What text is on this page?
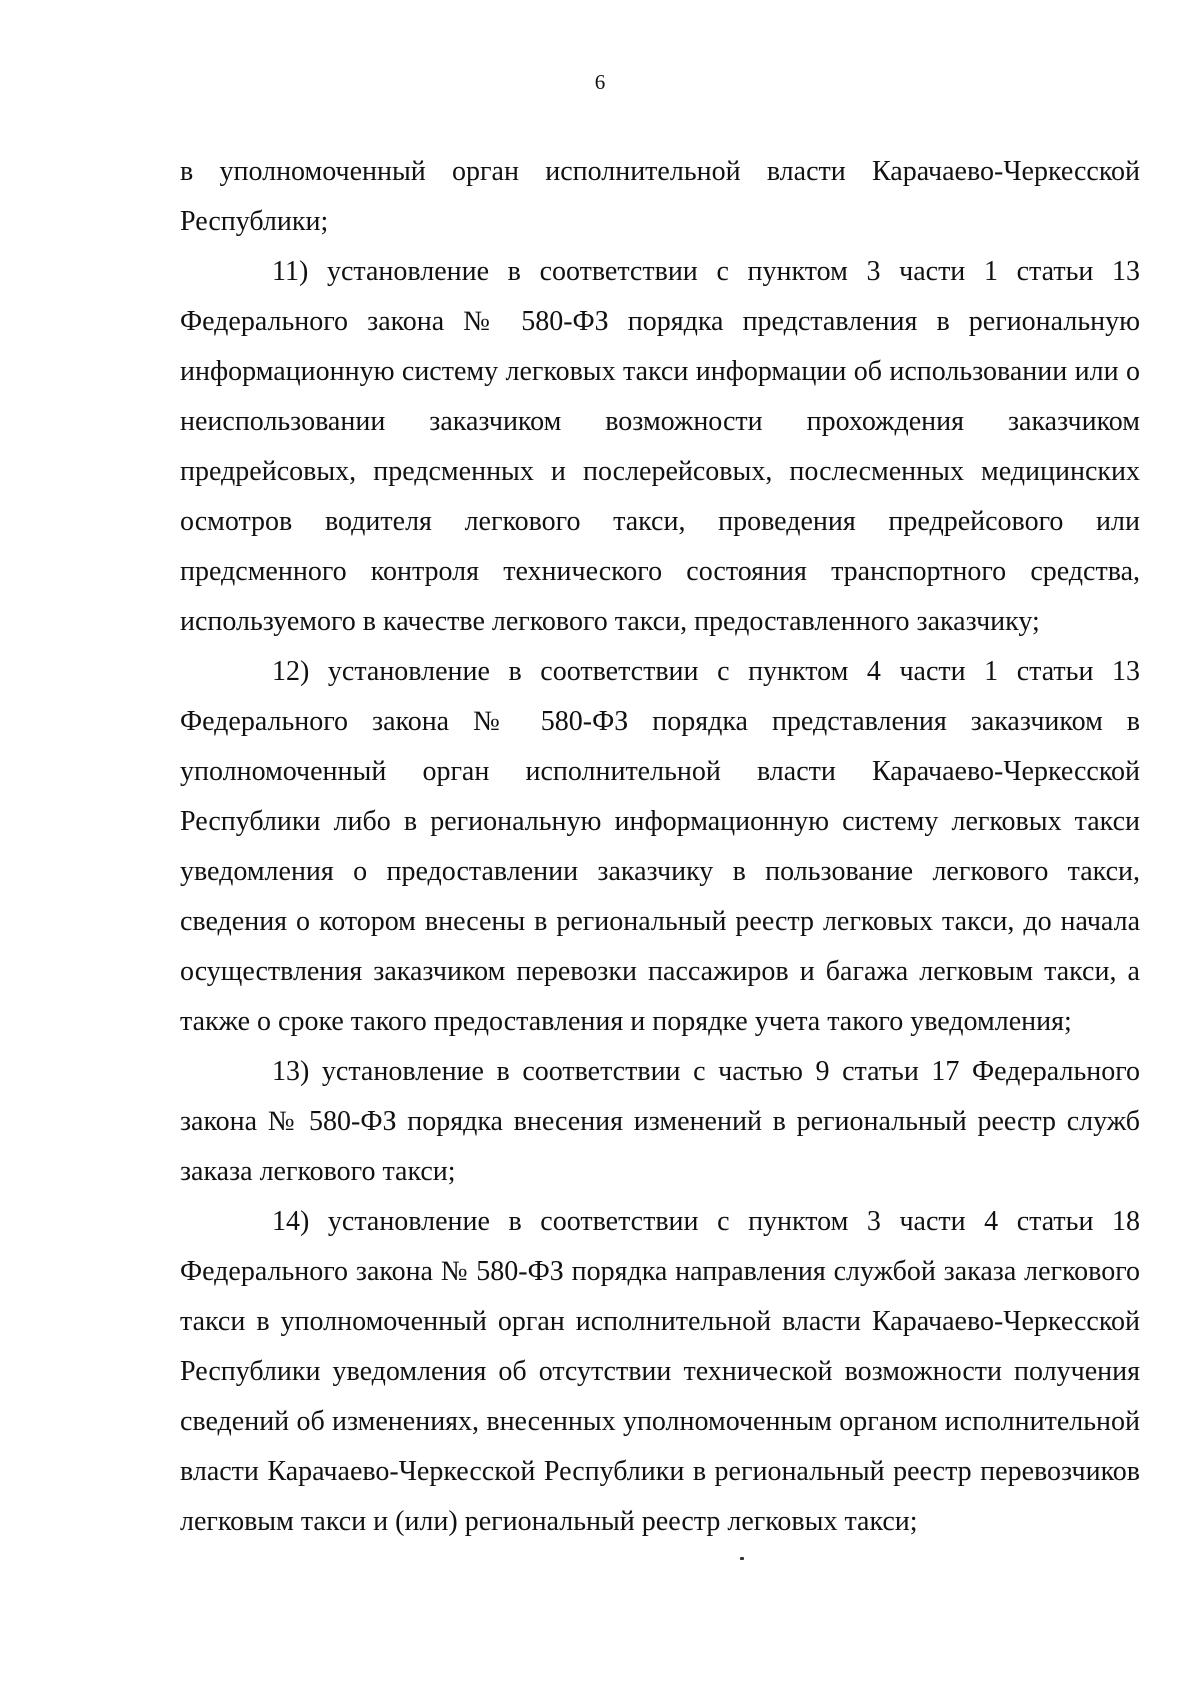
6

в уполномоченный орган исполнительной власти Карачаево-Черкесской Республики;

11) установление в соответствии с пунктом 3 части 1 статьи 13 Федерального закона № 580-ФЗ порядка представления в региональную информационную систему легковых такси информации об использовании или о неиспользовании заказчиком возможности прохождения заказчиком предрейсовых, предсменных и послерейсовых, послесменных медицинских осмотров водителя легкового такси, проведения предрейсового или предсменного контроля технического состояния транспортного средства, используемого в качестве легкового такси, предоставленного заказчику;

12) установление в соответствии с пунктом 4 части 1 статьи 13 Федерального закона № 580-ФЗ порядка представления заказчиком в уполномоченный орган исполнительной власти Карачаево-Черкесской Республики либо в региональную информационную систему легковых такси уведомления о предоставлении заказчику в пользование легкового такси, сведения о котором внесены в региональный реестр легковых такси, до начала осуществления заказчиком перевозки пассажиров и багажа легковым такси, а также о сроке такого предоставления и порядке учета такого уведомления;

13) установление в соответствии с частью 9 статьи 17 Федерального закона № 580-ФЗ порядка внесения изменений в региональный реестр служб заказа легкового такси;

14) установление в соответствии с пунктом 3 части 4 статьи 18 Федерального закона № 580-ФЗ порядка направления службой заказа легкового такси в уполномоченный орган исполнительной власти Карачаево-Черкесской Республики уведомления об отсутствии технической возможности получения сведений об изменениях, внесенных уполномоченным органом исполнительной власти Карачаево-Черкесской Республики в региональный реестр перевозчиков легковым такси и (или) региональный реестр легковых такси;
